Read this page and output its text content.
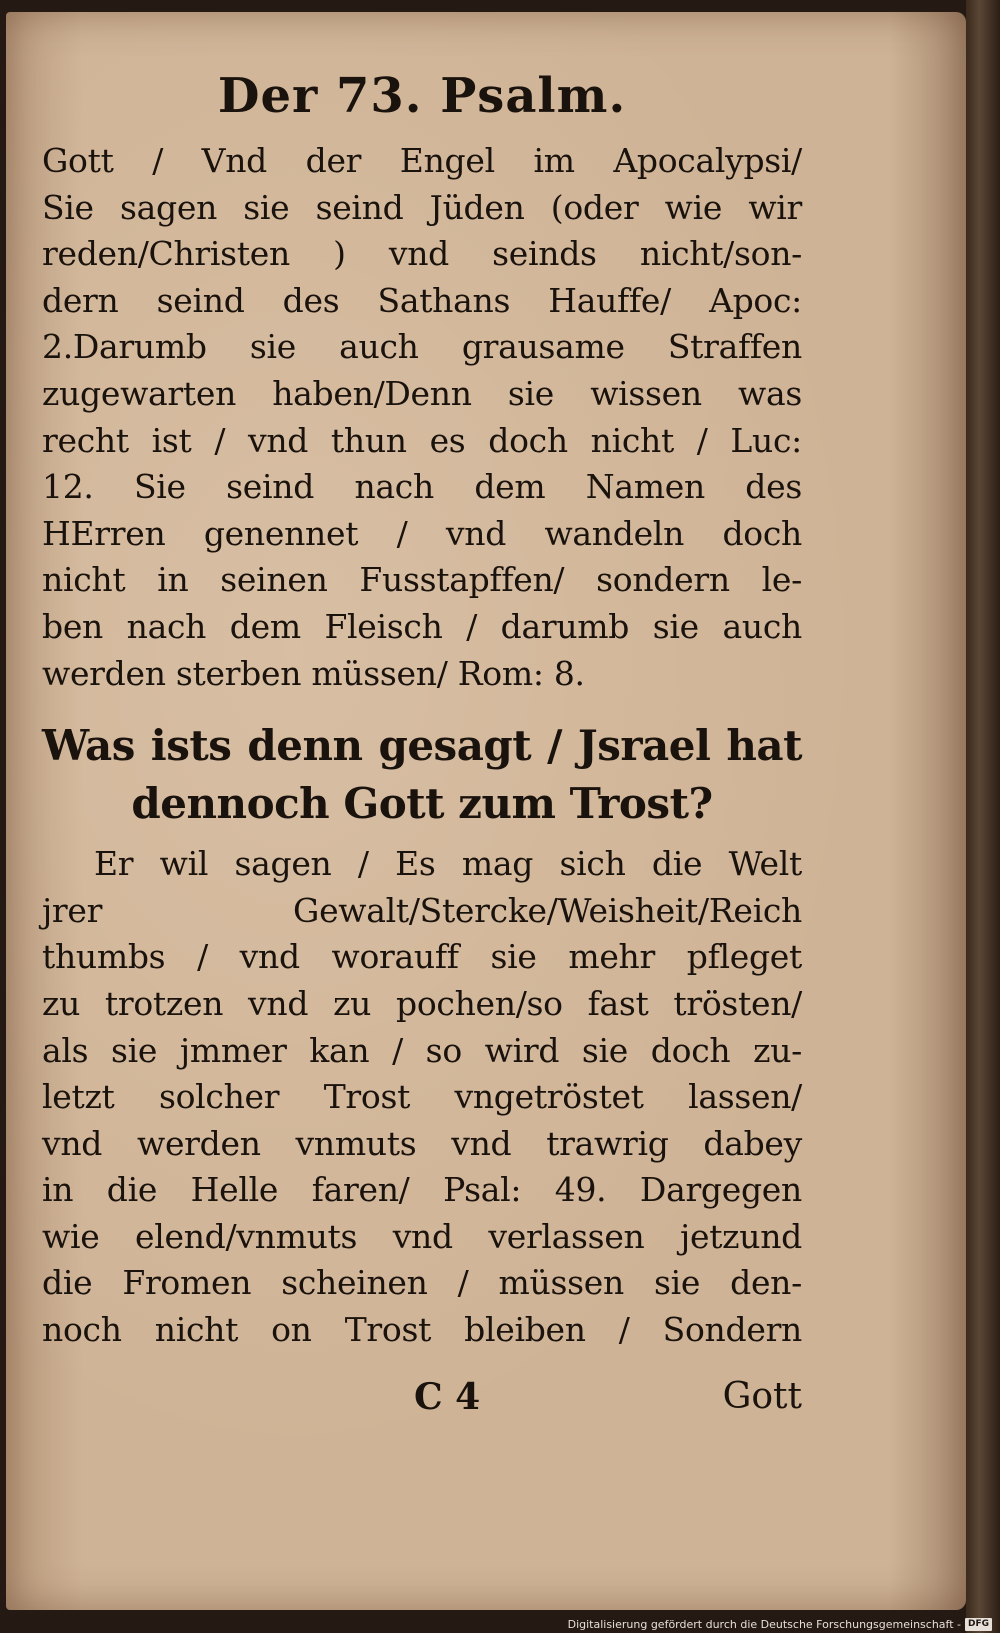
Der 73. Psalm.
Gott / Vnd der Engel im Apocalypsi/
Sie sagen sie seind Jüden (oder wie wir
reden/Christen ) vnd seinds nicht/son-
dern seind des Sathans Hauffe/ Apoc:
2.Darumb sie auch grausame Straffen
zugewarten haben/Denn sie wissen was
recht ist / vnd thun es doch nicht / Luc:
12. Sie seind nach dem Namen des
HErren genennet / vnd wandeln doch
nicht in seinen Fusstapffen/ sondern le-
ben nach dem Fleisch / darumb sie auch
werden sterben müssen/ Rom: 8.
Was ists denn gesagt / Jsrael hat
dennoch Gott zum Trost?
Er wil sagen / Es mag sich die Welt
jrer Gewalt/Stercke/Weisheit/Reich
thumbs / vnd worauff sie mehr pfleget
zu trotzen vnd zu pochen/so fast trösten/
als sie jmmer kan / so wird sie doch zu-
letzt solcher Trost vngetröstet lassen/
vnd werden vnmuts vnd trawrig dabey
in die Helle faren/ Psal: 49. Dargegen
wie elend/vnmuts vnd verlassen jetzund
die Fromen scheinen / müssen sie den-
noch nicht on Trost bleiben / Sondern
C 4	Gott
Digitalisierung gefördert durch die Deutsche Forschungsgemeinschaft - DFG
